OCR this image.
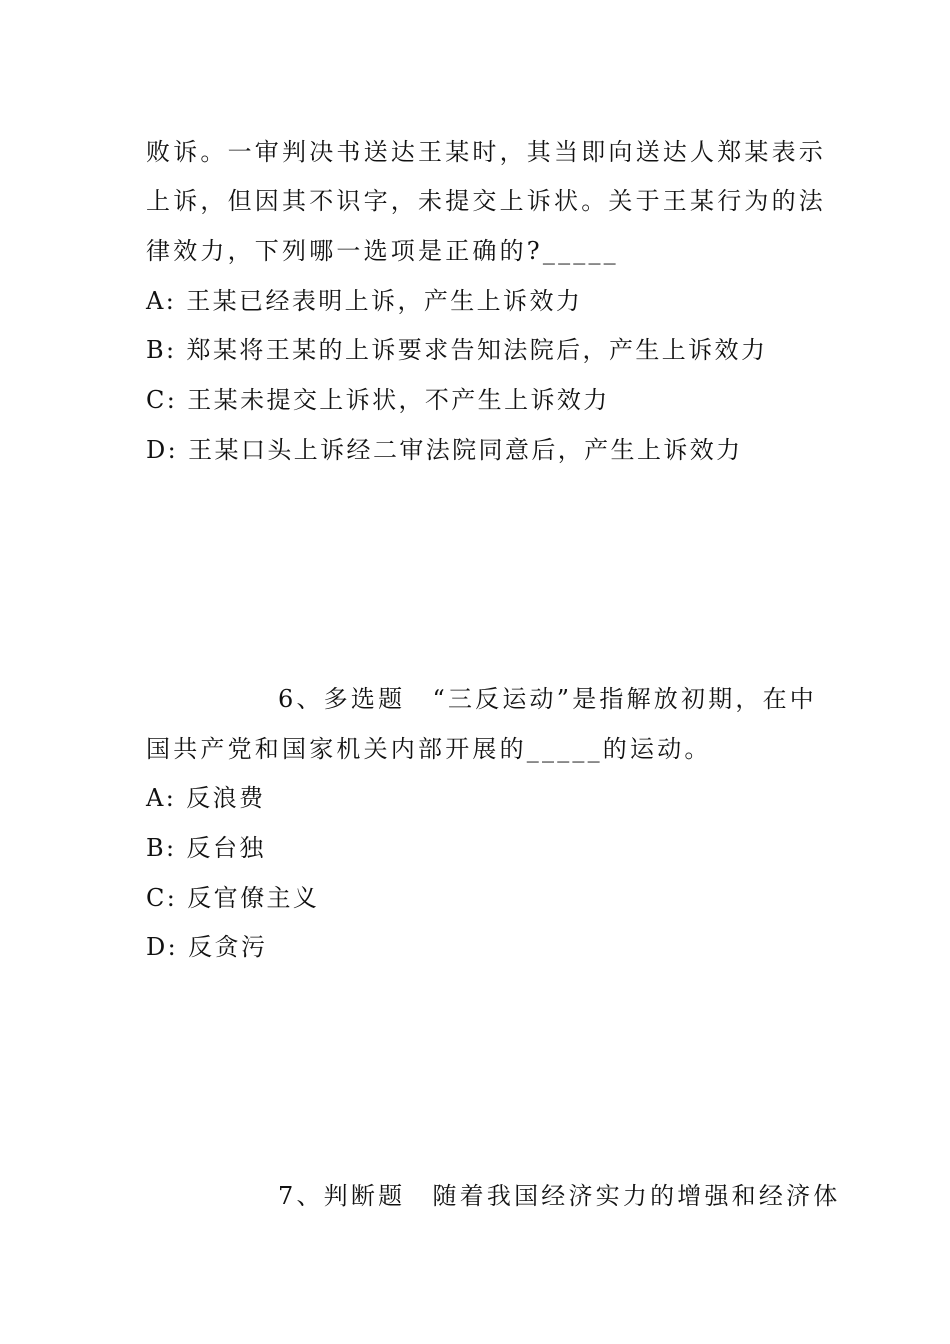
败诉。一审判决书送达王某时，其当即向送达人郑某表示
上诉，但因其不识字，未提交上诉状。关于王某行为的法
律效力，下列哪一选项是正确的?_____
A: 王某已经表明上诉，产生上诉效力
B: 郑某将王某的上诉要求告知法院后，产生上诉效力
C: 王某未提交上诉状，不产生上诉效力
D: 王某口头上诉经二审法院同意后，产生上诉效力
6、多选题　“三反运动”是指解放初期，在中
国共产党和国家机关内部开展的_____的运动。
A: 反浪费
B: 反台独
C: 反官僚主义
D: 反贪污
7、判断题　随着我国经济实力的增强和经济体
